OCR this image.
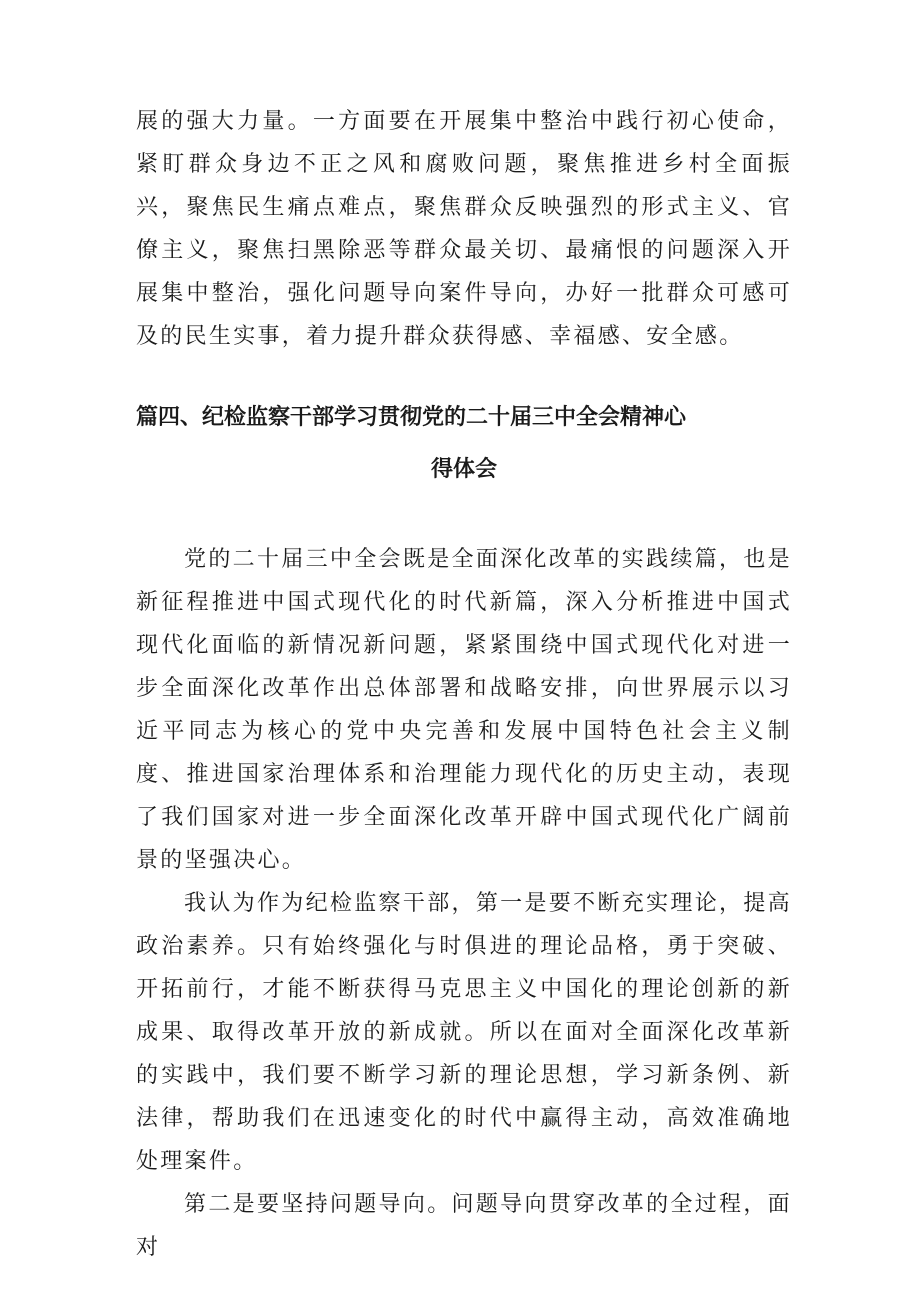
展的强大力量。一方面要在开展集中整治中践行初心使命，紧盯群众身边不正之风和腐败问题，聚焦推进乡村全面振兴，聚焦民生痛点难点，聚焦群众反映强烈的形式主义、官僚主义，聚焦扫黑除恶等群众最关切、最痛恨的问题深入开展集中整治，强化问题导向案件导向，办好一批群众可感可及的民生实事，着力提升群众获得感、幸福感、安全感。

篇四、纪检监察干部学习贯彻党的二十届三中全会精神心
得体会

党的二十届三中全会既是全面深化改革的实践续篇，也是新征程推进中国式现代化的时代新篇，深入分析推进中国式现代化面临的新情况新问题，紧紧围绕中国式现代化对进一步全面深化改革作出总体部署和战略安排，向世界展示以习近平同志为核心的党中央完善和发展中国特色社会主义制度、推进国家治理体系和治理能力现代化的历史主动，表现了我们国家对进一步全面深化改革开辟中国式现代化广阔前景的坚强决心。

我认为作为纪检监察干部，第一是要不断充实理论，提高政治素养。只有始终强化与时俱进的理论品格，勇于突破、开拓前行，才能不断获得马克思主义中国化的理论创新的新成果、取得改革开放的新成就。所以在面对全面深化改革新的实践中，我们要不断学习新的理论思想，学习新条例、新法律，帮助我们在迅速变化的时代中赢得主动，高效准确地处理案件。

第二是要坚持问题导向。问题导向贯穿改革的全过程，面对
